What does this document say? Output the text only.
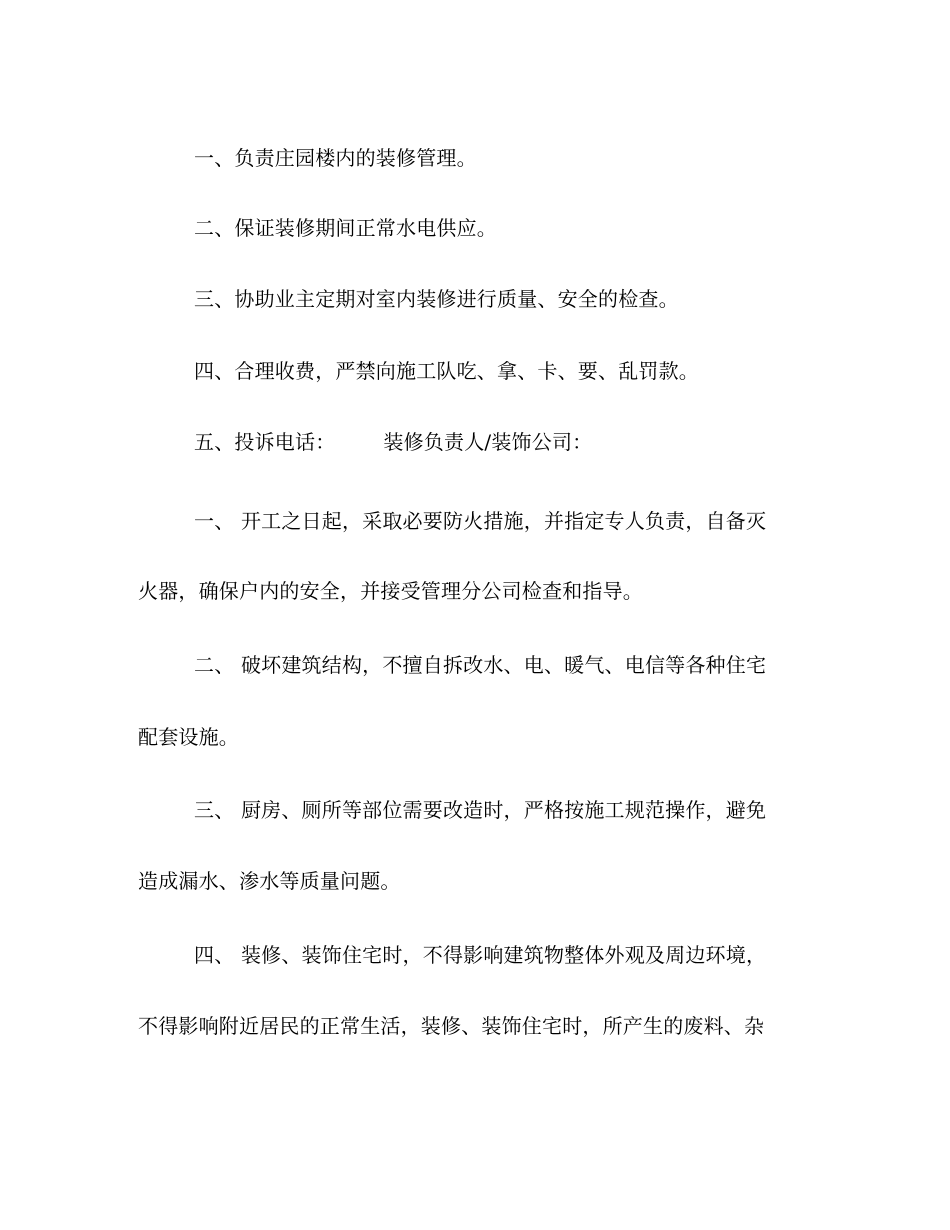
一、负责庄园楼内的装修管理。

二、保证装修期间正常水电供应。

三、协助业主定期对室内装修进行质量、安全的检查。

四、合理收费，严禁向施工队吃、拿、卡、要、乱罚款。

五、投诉电话： 装修负责人/装饰公司：

一、 开工之日起，采取必要防火措施，并指定专人负责，自备灭

火器，确保户内的安全，并接受管理分公司检查和指导。

二、 破坏建筑结构，不擅自拆改水、电、暖气、电信等各种住宅

配套设施。

三、 厨房、厕所等部位需要改造时，严格按施工规范操作，避免

造成漏水、渗水等质量问题。

四、 装修、装饰住宅时，不得影响建筑物整体外观及周边环境，

不得影响附近居民的正常生活，装修、装饰住宅时，所产生的废料、杂
